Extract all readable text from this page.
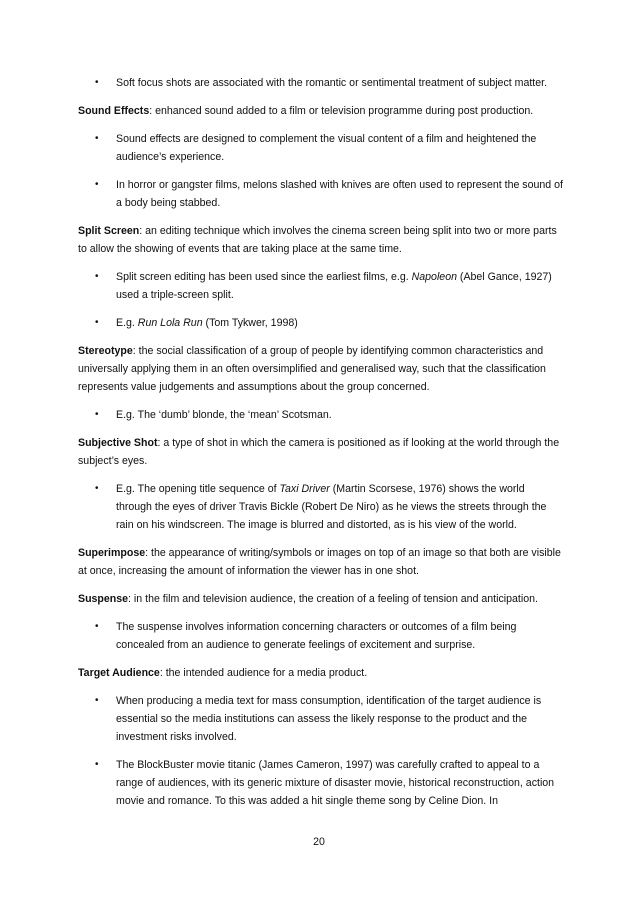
• Soft focus shots are associated with the romantic or sentimental treatment of subject matter.

Sound Effects: enhanced sound added to a film or television programme during post production.

• Sound effects are designed to complement the visual content of a film and heightened the audience’s experience.
• In horror or gangster films, melons slashed with knives are often used to represent the sound of a body being stabbed.

Split Screen: an editing technique which involves the cinema screen being split into two or more parts to allow the showing of events that are taking place at the same time.

• Split screen editing has been used since the earliest films, e.g. Napoleon (Abel Gance, 1927) used a triple-screen split.
• E.g. Run Lola Run (Tom Tykwer, 1998)

Stereotype: the social classification of a group of people by identifying common characteristics and universally applying them in an often oversimplified and generalised way, such that the classification represents value judgements and assumptions about the group concerned.

• E.g. The ‘dumb’ blonde, the ‘mean’ Scotsman.

Subjective Shot: a type of shot in which the camera is positioned as if looking at the world through the subject’s eyes.

• E.g. The opening title sequence of Taxi Driver (Martin Scorsese, 1976) shows the world through the eyes of driver Travis Bickle (Robert De Niro) as he views the streets through the rain on his windscreen. The image is blurred and distorted, as is his view of the world.

Superimpose: the appearance of writing/symbols or images on top of an image so that both are visible at once, increasing the amount of information the viewer has in one shot.

Suspense: in the film and television audience, the creation of a feeling of tension and anticipation.

• The suspense involves information concerning characters or outcomes of a film being concealed from an audience to generate feelings of excitement and surprise.

Target Audience: the intended audience for a media product.

• When producing a media text for mass consumption, identification of the target audience is essential so the media institutions can assess the likely response to the product and the investment risks involved.
• The BlockBuster movie titanic (James Cameron, 1997) was carefully crafted to appeal to a range of audiences, with its generic mixture of disaster movie, historical reconstruction, action movie and romance. To this was added a hit single theme song by Celine Dion. In
20
